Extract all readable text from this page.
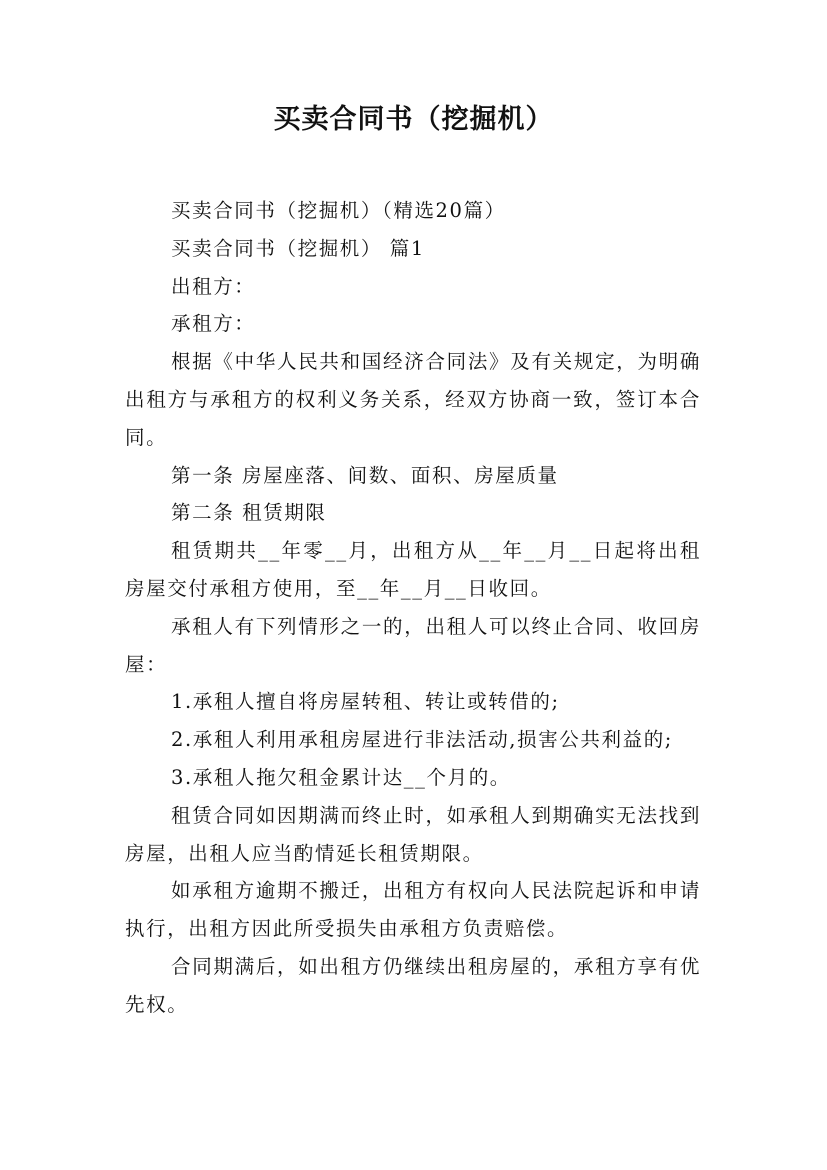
买卖合同书（挖掘机）

买卖合同书（挖掘机）（精选20篇）

买卖合同书（挖掘机） 篇1

出租方：

承租方：

根据《中华人民共和国经济合同法》及有关规定，为明确出租方与承租方的权利义务关系，经双方协商一致，签订本合同。

第一条 房屋座落、间数、面积、房屋质量

第二条 租赁期限

租赁期共__年零__月，出租方从__年__月__日起将出租房屋交付承租方使用，至__年__月__日收回。

承租人有下列情形之一的，出租人可以终止合同、收回房屋：

1.承租人擅自将房屋转租、转让或转借的;

2.承租人利用承租房屋进行非法活动,损害公共利益的;

3.承租人拖欠租金累计达__个月的。

租赁合同如因期满而终止时，如承租人到期确实无法找到房屋，出租人应当酌情延长租赁期限。

如承租方逾期不搬迁，出租方有权向人民法院起诉和申请执行，出租方因此所受损失由承租方负责赔偿。

合同期满后，如出租方仍继续出租房屋的，承租方享有优先权。
